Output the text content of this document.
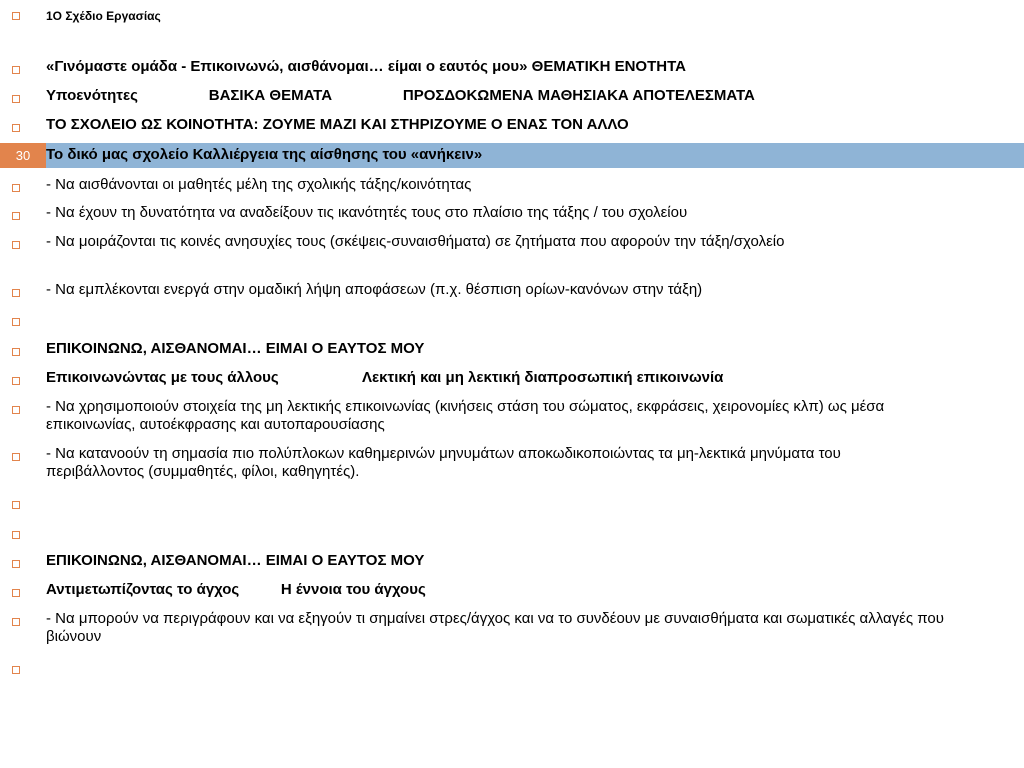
30
1Ο Σχέδιο Εργασίας
«Γινόμαστε ομάδα - Επικοινωνώ, αισθάνομαι… είμαι ο εαυτός μου» ΘΕΜΑΤΙΚΗ ΕΝΟΤΗΤΑ
Υποενότητες                 ΒΑΣΙΚΑ ΘΕΜΑΤΑ                 ΠΡΟΣΔΟΚΩΜΕΝΑ ΜΑΘΗΣΙΑΚΑ ΑΠΟΤΕΛΕΣΜΑΤΑ
ΤΟ ΣΧΟΛΕΙΟ ΩΣ ΚΟΙΝΟΤΗΤΑ: ΖΟΥΜΕ ΜΑΖΙ ΚΑΙ ΣΤΗΡΙΖΟΥΜΕ Ο ΕΝΑΣ ΤΟΝ ΑΛΛΟ
Το δικό μας σχολείο Καλλιέργεια της αίσθησης του «ανήκειν»
- Να αισθάνονται οι μαθητές μέλη της σχολικής τάξης/κοινότητας
- Να έχουν τη δυνατότητα να αναδείξουν τις ικανότητές τους στο πλαίσιο της τάξης / του σχολείου
- Να μοιράζονται τις κοινές ανησυχίες τους (σκέψεις-συναισθήματα) σε ζητήματα που αφορούν την τάξη/σχολείο
- Να εμπλέκονται ενεργά στην ομαδική λήψη αποφάσεων (π.χ. θέσπιση ορίων-κανόνων στην τάξη)
ΕΠΙΚΟΙΝΩΝΩ, ΑΙΣΘΑΝΟΜΑΙ… ΕΙΜΑΙ Ο ΕΑΥΤΟΣ ΜΟΥ
Επικοινωνώντας με τους άλλους                    Λεκτική και μη λεκτική διαπροσωπική επικοινωνία
- Να χρησιμοποιούν στοιχεία της μη λεκτικής επικοινωνίας (κινήσεις στάση του σώματος, εκφράσεις, χειρονομίες κλπ) ως μέσα επικοινωνίας, αυτοέκφρασης και αυτοπαρουσίασης
- Να κατανοούν τη σημασία πιο πολύπλοκων καθημερινών μηνυμάτων αποκωδικοποιώντας τα μη-λεκτικά μηνύματα του περιβάλλοντος (συμμαθητές, φίλοι, καθηγητές).
ΕΠΙΚΟΙΝΩΝΩ, ΑΙΣΘΑΝΟΜΑΙ… ΕΙΜΑΙ Ο ΕΑΥΤΟΣ ΜΟΥ
Αντιμετωπίζοντας το άγχος          Η έννοια του άγχους
- Να μπορούν να περιγράφουν και να εξηγούν τι σημαίνει στρες/άγχος και να το συνδέουν με συναισθήματα και σωματικές αλλαγές που βιώνουν
